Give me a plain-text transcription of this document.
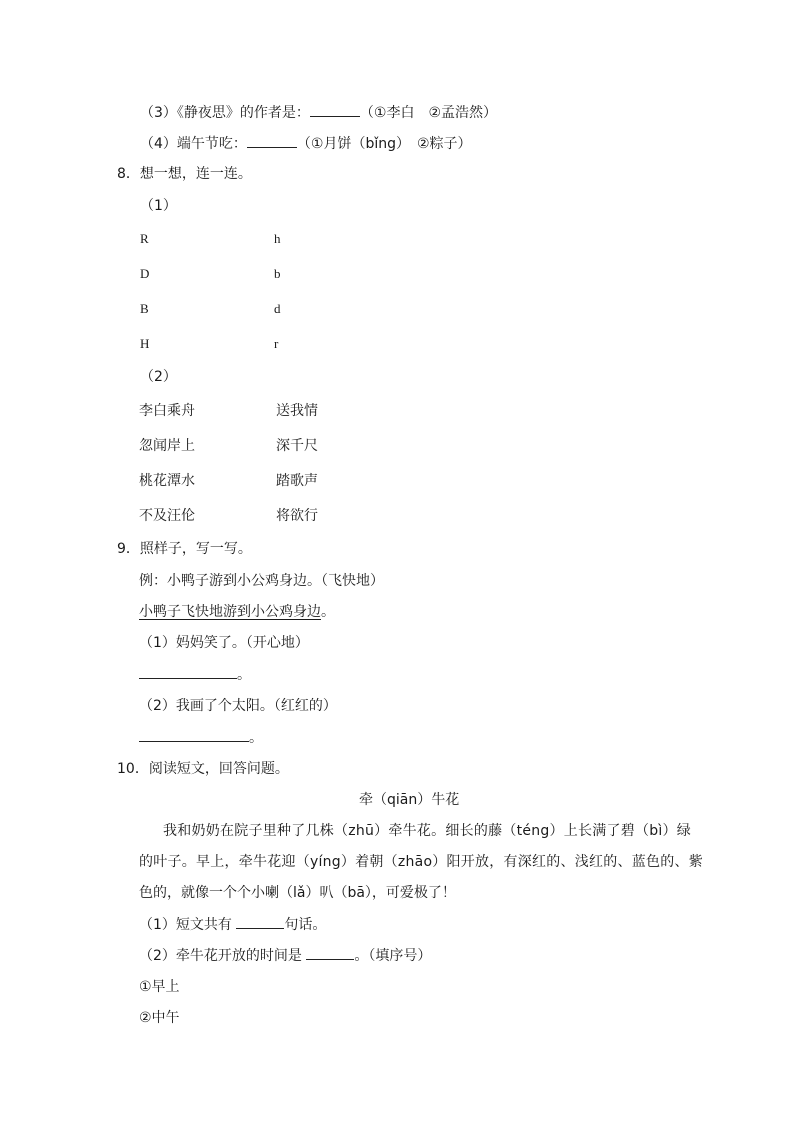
（3）《静夜思》的作者是：	（①李白　②孟浩然）
（4）端午节吃：	（①月饼（bǐng）　②粽子）
8．想一想，连一连。
（1）
R	h
D	b
B	d
H	r
（2）
李白乘舟	送我情
忽闻岸上	深千尺
桃花潭水	踏歌声
不及汪伦	将欲行
9．照样子，写一写。
例：小鸭子游到小公鸡身边。（飞快地）
小鸭子飞快地游到小公鸡身边。
（1）妈妈笑了。（开心地）
。
（2）我画了个太阳。（红红的）
。
10．阅读短文，回答问题。
牵（qiān）牛花
我和奶奶在院子里种了几株（zhū）牵牛花。细长的藤（téng）上长满了碧（bì）绿
的叶子。早上，牵牛花迎（yíng）着朝（zhāo）阳开放，有深红的、浅红的、蓝色的、紫
色的，就像一个个小喇（lǎ）叭（bā），可爱极了！
（1）短文共有	句话。
（2）牵牛花开放的时间是	。（填序号）
①早上
②中午
